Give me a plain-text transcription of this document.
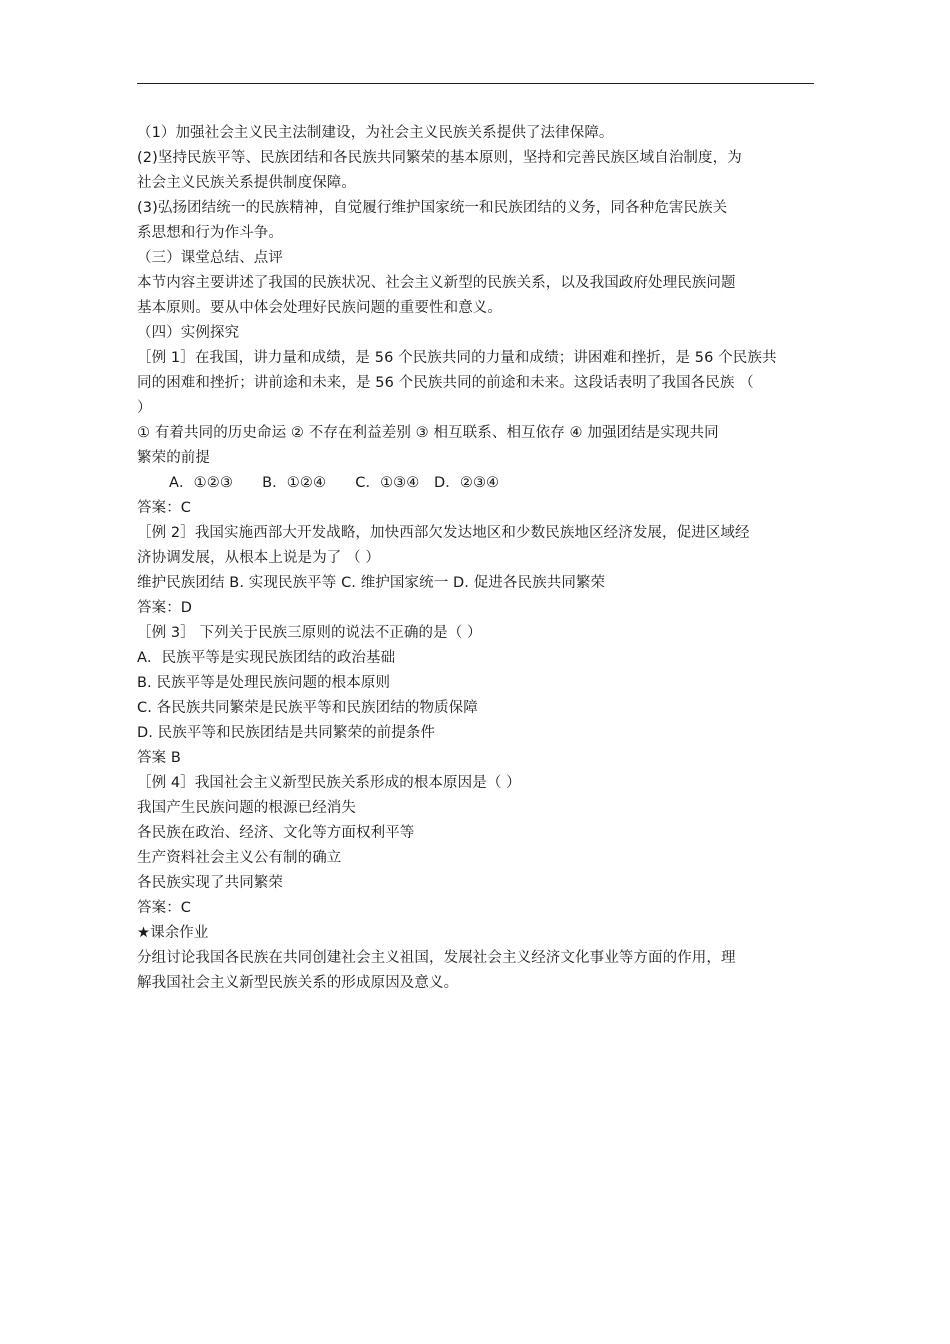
（1）加强社会主义民主法制建设，为社会主义民族关系提供了法律保障。
(2)坚持民族平等、民族团结和各民族共同繁荣的基本原则，坚持和完善民族区域自治制度，为
社会主义民族关系提供制度保障。
(3)弘扬团结统一的民族精神，自觉履行维护国家统一和民族团结的义务，同各种危害民族关
系思想和行为作斗争。
（三）课堂总结、点评
本节内容主要讲述了我国的民族状况、社会主义新型的民族关系，以及我国政府处理民族问题
基本原则。要从中体会处理好民族问题的重要性和意义。
（四）实例探究
［例 1］在我国，讲力量和成绩，是 56 个民族共同的力量和成绩；讲困难和挫折，是 56 个民族共
同的困难和挫折；讲前途和未来，是 56 个民族共同的前途和未来。这段话表明了我国各民族 （
）
① 有着共同的历史命运 ② 不存在利益差别 ③ 相互联系、相互依存 ④ 加强团结是实现共同
繁荣的前提
A．①②③　　B．①②④　　C．①③④　D．②③④
答案：C
［例 2］我国实施西部大开发战略，加快西部欠发达地区和少数民族地区经济发展，促进区域经
济协调发展，从根本上说是为了 （ ）
维护民族团结 B. 实现民族平等 C. 维护国家统一 D. 促进各民族共同繁荣
答案：D
［例 3］ 下列关于民族三原则的说法不正确的是（ ）
A．民族平等是实现民族团结的政治基础
B. 民族平等是处理民族问题的根本原则
C. 各民族共同繁荣是民族平等和民族团结的物质保障
D. 民族平等和民族团结是共同繁荣的前提条件
答案 B
［例 4］我国社会主义新型民族关系形成的根本原因是（ ）
我国产生民族问题的根源已经消失
各民族在政治、经济、文化等方面权利平等
生产资料社会主义公有制的确立
各民族实现了共同繁荣
答案：C
★课余作业
分组讨论我国各民族在共同创建社会主义祖国，发展社会主义经济文化事业等方面的作用，理
解我国社会主义新型民族关系的形成原因及意义。
